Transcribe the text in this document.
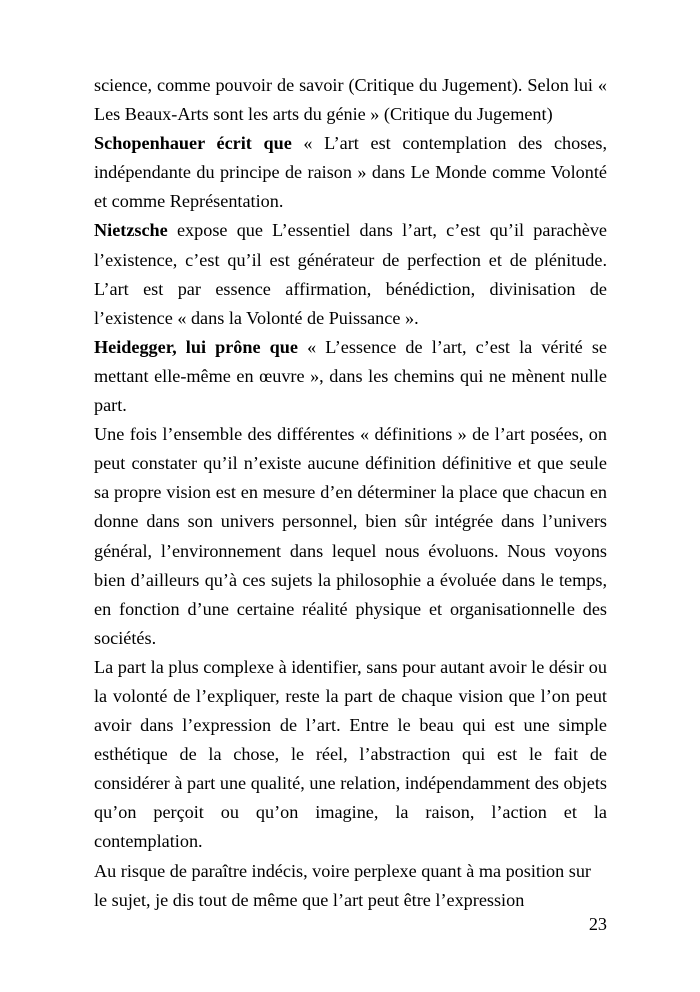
science, comme pouvoir de savoir (Critique du Jugement). Selon lui « Les Beaux-Arts sont les arts du génie » (Critique du Jugement)

Schopenhauer écrit que « L’art est contemplation des choses, indépendante du principe de raison » dans Le Monde comme Volonté et comme Représentation.

Nietzsche expose que L’essentiel dans l’art, c’est qu’il parachève l’existence, c’est qu’il est générateur de perfection et de plénitude. L’art est par essence affirmation, bénédiction, divinisation de l’existence « dans la Volonté de Puissance ».

Heidegger, lui prône que « L’essence de l’art, c’est la vérité se mettant elle-même en œuvre », dans les chemins qui ne mènent nulle part.

Une fois l’ensemble des différentes « définitions » de l’art posées, on peut constater qu’il n’existe aucune définition définitive et que seule sa propre vision est en mesure d’en déterminer la place que chacun en donne dans son univers personnel, bien sûr intégrée dans l’univers général, l’environnement dans lequel nous évoluons. Nous voyons bien d’ailleurs qu’à ces sujets la philosophie a évoluée dans le temps, en fonction d’une certaine réalité physique et organisationnelle des sociétés.

La part la plus complexe à identifier, sans pour autant avoir le désir ou la volonté de l’expliquer, reste la part de chaque vision que l’on peut avoir dans l’expression de l’art. Entre le beau qui est une simple esthétique de la chose, le réel, l’abstraction qui est le fait de considérer à part une qualité, une relation, indépendamment des objets qu’on perçoit ou qu’on imagine, la raison, l’action et la contemplation.

Au risque de paraître indécis, voire perplexe quant à ma position sur le sujet, je dis tout de même que l’art peut être l’expression

23
